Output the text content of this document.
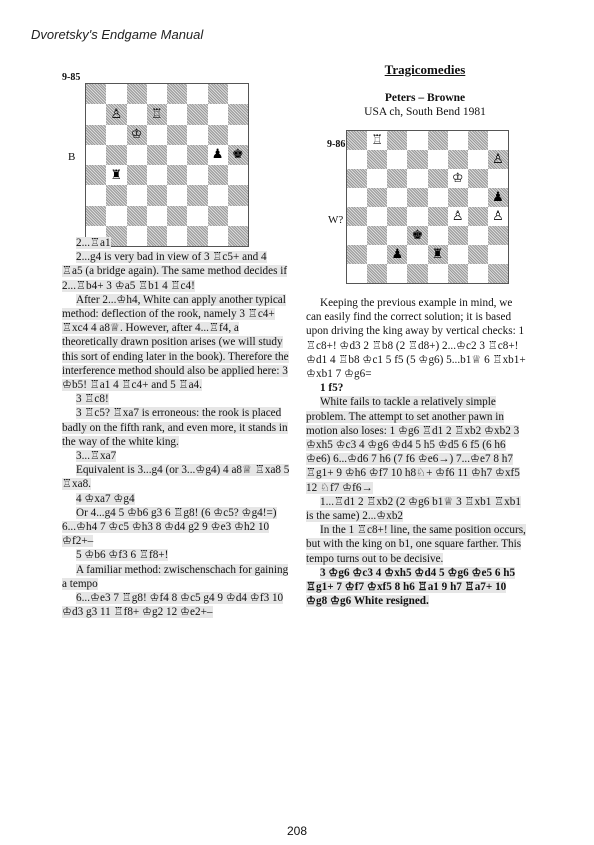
Dvoretsky's Endgame Manual
9-85
B
♙ ♖
♔
♟ ♚
♜
9-86
W?
♖
♙
♔
♟
♙ ♙
♚
♟ ♜
Tragicomedies
Peters – Browne
USA ch, South Bend 1981

2...♖a1

2...g4 is very bad in view of 3 ♖c5+ and 4 ♖a5 (a bridge again). The same method decides if 2...♖b4+ 3 ♔a5 ♖b1 4 ♖c4!

After 2...♔h4, White can apply another typical method: deflection of the rook, namely 3 ♖c4+ ♖xc4 4 a8♕. However, after 4...♖f4, a theoretically drawn position arises (we will study this sort of ending later in the book). Therefore the interference method should also be applied here: 3 ♔b5! ♖a1 4 ♖c4+ and 5 ♖a4.

3 ♖c8!

3 ♖c5? ♖xa7 is erroneous: the rook is placed badly on the fifth rank, and even more, it stands in the way of the white king.

3...♖xa7

Equivalent is 3...g4 (or 3...♔g4) 4 a8♕ ♖xa8 5 ♖xa8.

4 ♔xa7 ♔g4

Or 4...g4 5 ♔b6 g3 6 ♖g8! (6 ♔c5? ♔g4!=) 6...♔h4 7 ♔c5 ♔h3 8 ♔d4 g2 9 ♔e3 ♔h2 10 ♔f2+–

5 ♔b6 ♔f3 6 ♖f8+!

A familiar method: zwischenschach for gaining a tempo

6...♔e3 7 ♖g8! ♔f4 8 ♔c5 g4 9 ♔d4 ♔f3 10 ♔d3 g3 11 ♖f8+ ♔g2 12 ♔e2+–

Keeping the previous example in mind, we can easily find the correct solution; it is based upon driving the king away by vertical checks: 1 ♖c8+! ♔d3 2 ♖b8 (2 ♖d8+) 2...♔c2 3 ♖c8+! ♔d1 4 ♖b8 ♔c1 5 f5 (5 ♔g6) 5...b1♕ 6 ♖xb1+ ♔xb1 7 ♔g6=

1 f5?

White fails to tackle a relatively simple problem. The attempt to set another pawn in motion also loses: 1 ♔g6 ♖d1 2 ♖xb2 ♔xb2 3 ♔xh5 ♔c3 4 ♔g6 ♔d4 5 h5 ♔d5 6 f5 (6 h6 ♔e6) 6...♔d6 7 h6 (7 f6 ♔e6→) 7...♔e7 8 h7 ♖g1+ 9 ♔h6 ♔f7 10 h8♘+ ♔f6 11 ♔h7 ♔xf5 12 ♘f7 ♔f6→

1...♖d1 2 ♖xb2 (2 ♔g6 b1♕ 3 ♖xb1 ♖xb1 is the same) 2...♔xb2

In the 1 ♖c8+! line, the same position occurs, but with the king on b1, one square farther. This tempo turns out to be decisive.

3 ♔g6 ♔c3 4 ♔xh5 ♔d4 5 ♔g6 ♔e5 6 h5 ♖g1+ 7 ♔f7 ♔xf5 8 h6 ♖a1 9 h7 ♖a7+ 10 ♔g8 ♔g6 White resigned.

208
